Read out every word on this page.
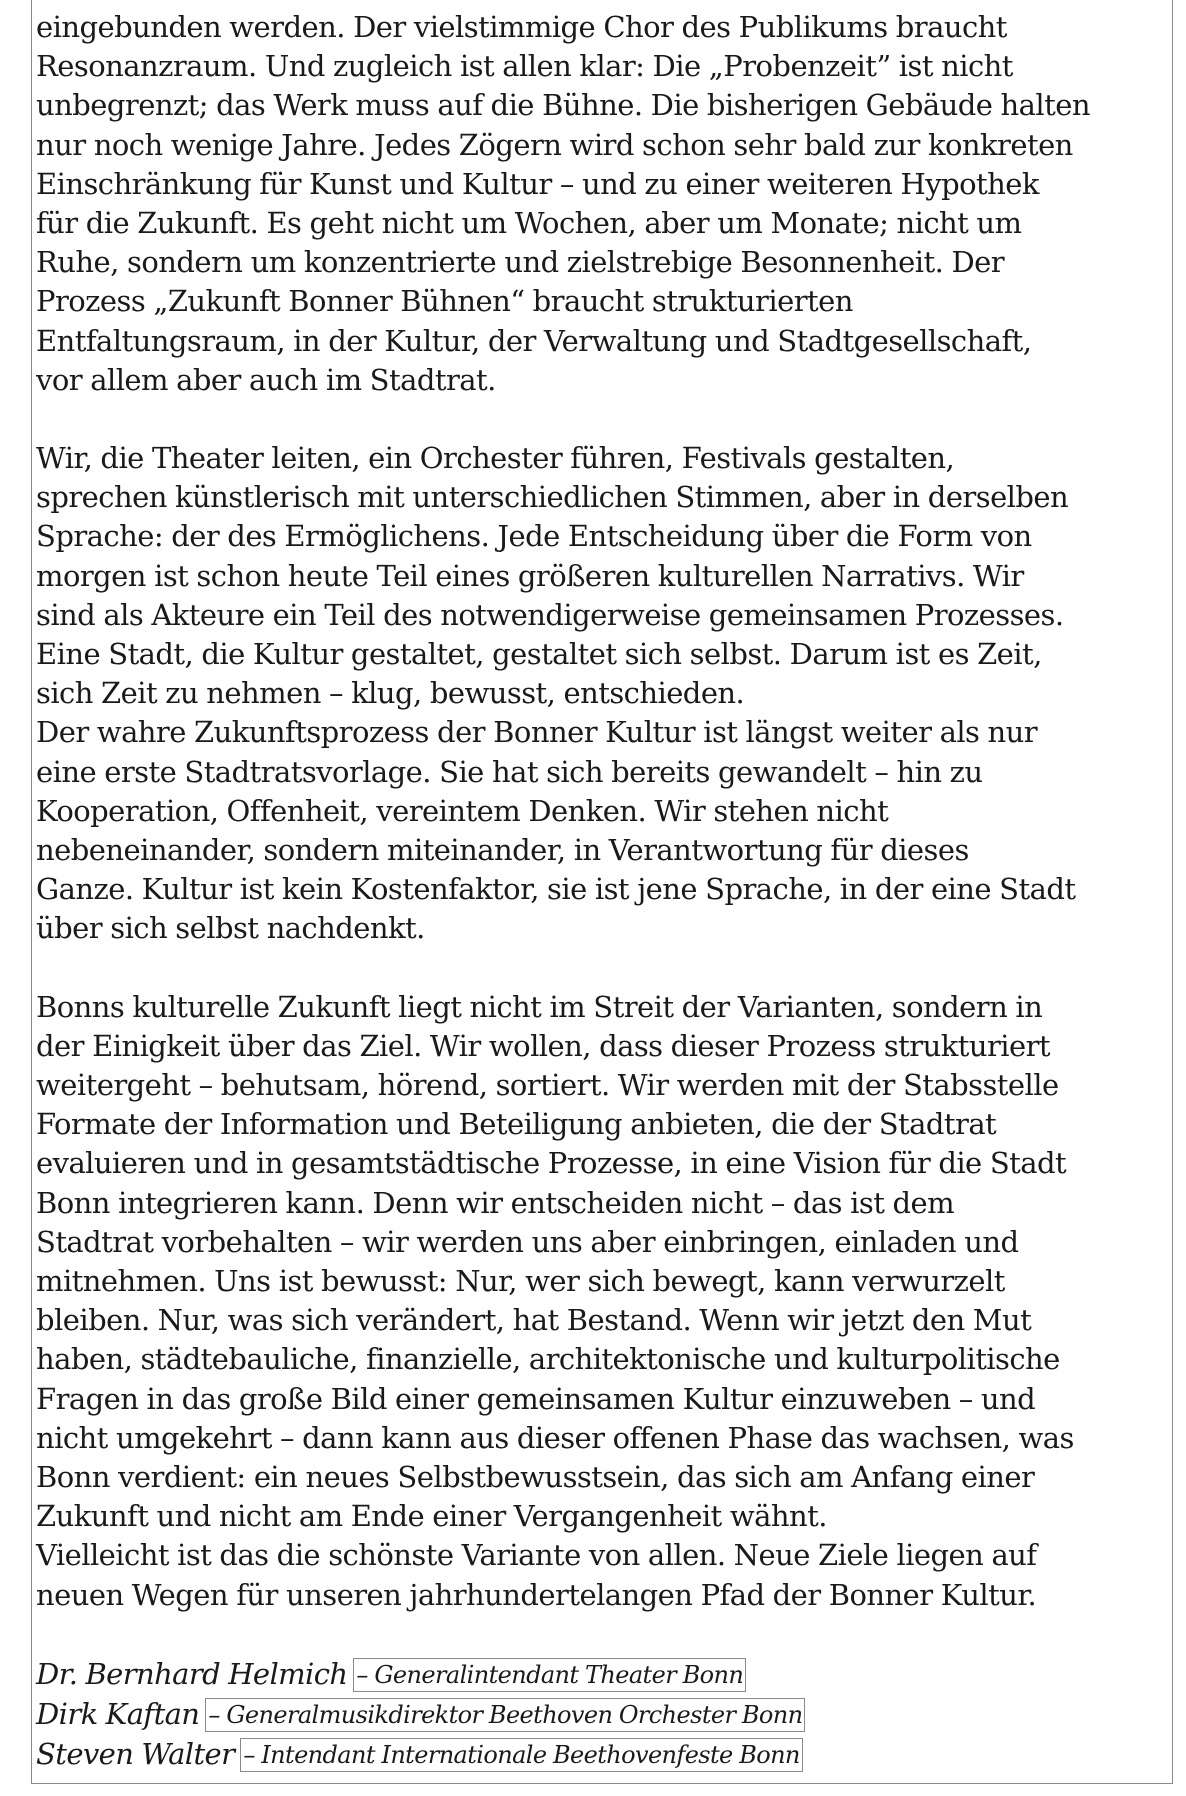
eingebunden werden. Der vielstimmige Chor des Publikums braucht
Resonanzraum. Und zugleich ist allen klar: Die „Probenzeit” ist nicht
unbegrenzt; das Werk muss auf die Bühne. Die bisherigen Gebäude halten
nur noch wenige Jahre. Jedes Zögern wird schon sehr bald zur konkreten
Einschränkung für Kunst und Kultur – und zu einer weiteren Hypothek
für die Zukunft. Es geht nicht um Wochen, aber um Monate; nicht um
Ruhe, sondern um konzentrierte und zielstrebige Besonnenheit. Der
Prozess „Zukunft Bonner Bühnen“ braucht strukturierten
Entfaltungsraum, in der Kultur, der Verwaltung und Stadtgesellschaft,
vor allem aber auch im Stadtrat.
Wir, die Theater leiten, ein Orchester führen, Festivals gestalten,
sprechen künstlerisch mit unterschiedlichen Stimmen, aber in derselben
Sprache: der des Ermöglichens. Jede Entscheidung über die Form von
morgen ist schon heute Teil eines größeren kulturellen Narrativs. Wir
sind als Akteure ein Teil des notwendigerweise gemeinsamen Prozesses.
Eine Stadt, die Kultur gestaltet, gestaltet sich selbst. Darum ist es Zeit,
sich Zeit zu nehmen – klug, bewusst, entschieden.
Der wahre Zukunftsprozess der Bonner Kultur ist längst weiter als nur
eine erste Stadtratsvorlage. Sie hat sich bereits gewandelt – hin zu
Kooperation, Offenheit, vereintem Denken. Wir stehen nicht
nebeneinander, sondern miteinander, in Verantwortung für dieses
Ganze. Kultur ist kein Kostenfaktor, sie ist jene Sprache, in der eine Stadt
über sich selbst nachdenkt.
Bonns kulturelle Zukunft liegt nicht im Streit der Varianten, sondern in
der Einigkeit über das Ziel. Wir wollen, dass dieser Prozess strukturiert
weitergeht – behutsam, hörend, sortiert. Wir werden mit der Stabsstelle
Formate der Information und Beteiligung anbieten, die der Stadtrat
evaluieren und in gesamtstädtische Prozesse, in eine Vision für die Stadt
Bonn integrieren kann. Denn wir entscheiden nicht – das ist dem
Stadtrat vorbehalten – wir werden uns aber einbringen, einladen und
mitnehmen. Uns ist bewusst: Nur, wer sich bewegt, kann verwurzelt
bleiben. Nur, was sich verändert, hat Bestand. Wenn wir jetzt den Mut
haben, städtebauliche, finanzielle, architektonische und kulturpolitische
Fragen in das große Bild einer gemeinsamen Kultur einzuweben – und
nicht umgekehrt – dann kann aus dieser offenen Phase das wachsen, was
Bonn verdient: ein neues Selbstbewusstsein, das sich am Anfang einer
Zukunft und nicht am Ende einer Vergangenheit wähnt.
Vielleicht ist das die schönste Variante von allen. Neue Ziele liegen auf
neuen Wegen für unseren jahrhundertelangen Pfad der Bonner Kultur.
Dr. Bernhard Helmich – Generalintendant Theater Bonn
Dirk Kaftan – Generalmusikdirektor Beethoven Orchester Bonn
Steven Walter – Intendant Internationale Beethovenfeste Bonn
